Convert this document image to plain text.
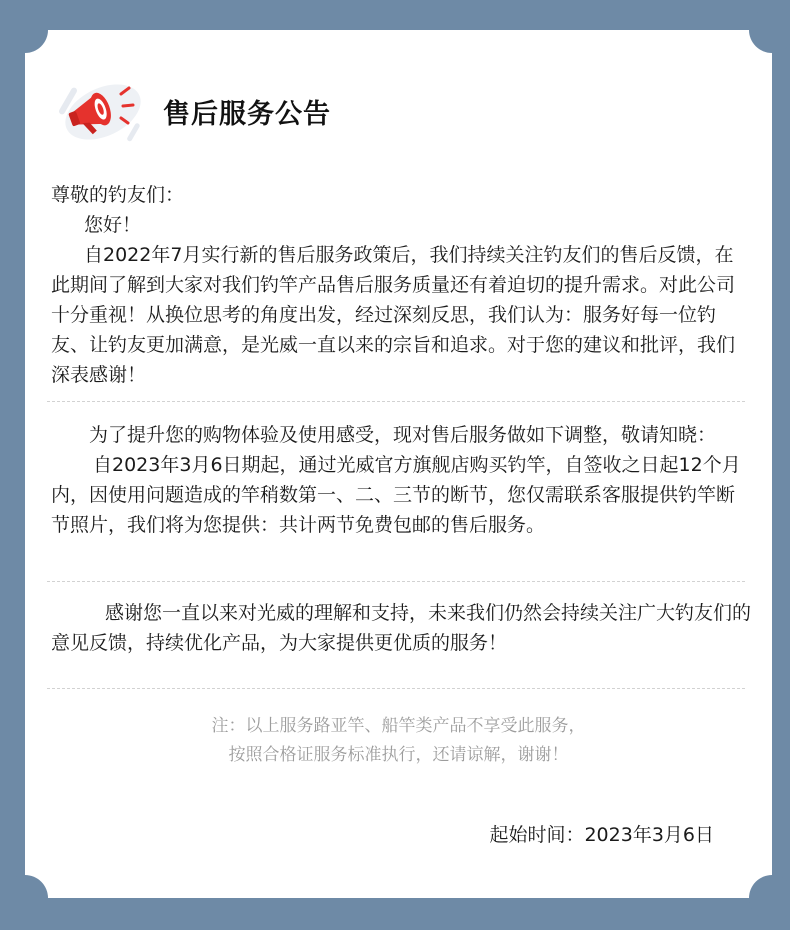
售后服务公告

尊敬的钓友们：

您好！

自2022年7月实行新的售后服务政策后，我们持续关注钓友们的售后反馈，在此期间了解到大家对我们钓竿产品售后服务质量还有着迫切的提升需求。对此公司十分重视！从换位思考的角度出发，经过深刻反思，我们认为：服务好每一位钓友、让钓友更加满意，是光威一直以来的宗旨和追求。对于您的建议和批评，我们深表感谢！

为了提升您的购物体验及使用感受，现对售后服务做如下调整，敬请知晓：

自2023年3月6日期起，通过光威官方旗舰店购买钓竿，自签收之日起12个月内，因使用问题造成的竿稍数第一、二、三节的断节，您仅需联系客服提供钓竿断节照片，我们将为您提供：共计两节免费包邮的售后服务。

感谢您一直以来对光威的理解和支持，未来我们仍然会持续关注广大钓友们的意见反馈，持续优化产品，为大家提供更优质的服务！

注：以上服务路亚竿、船竿类产品不享受此服务，

按照合格证服务标准执行，还请谅解，谢谢！

起始时间：2023年3月6日
